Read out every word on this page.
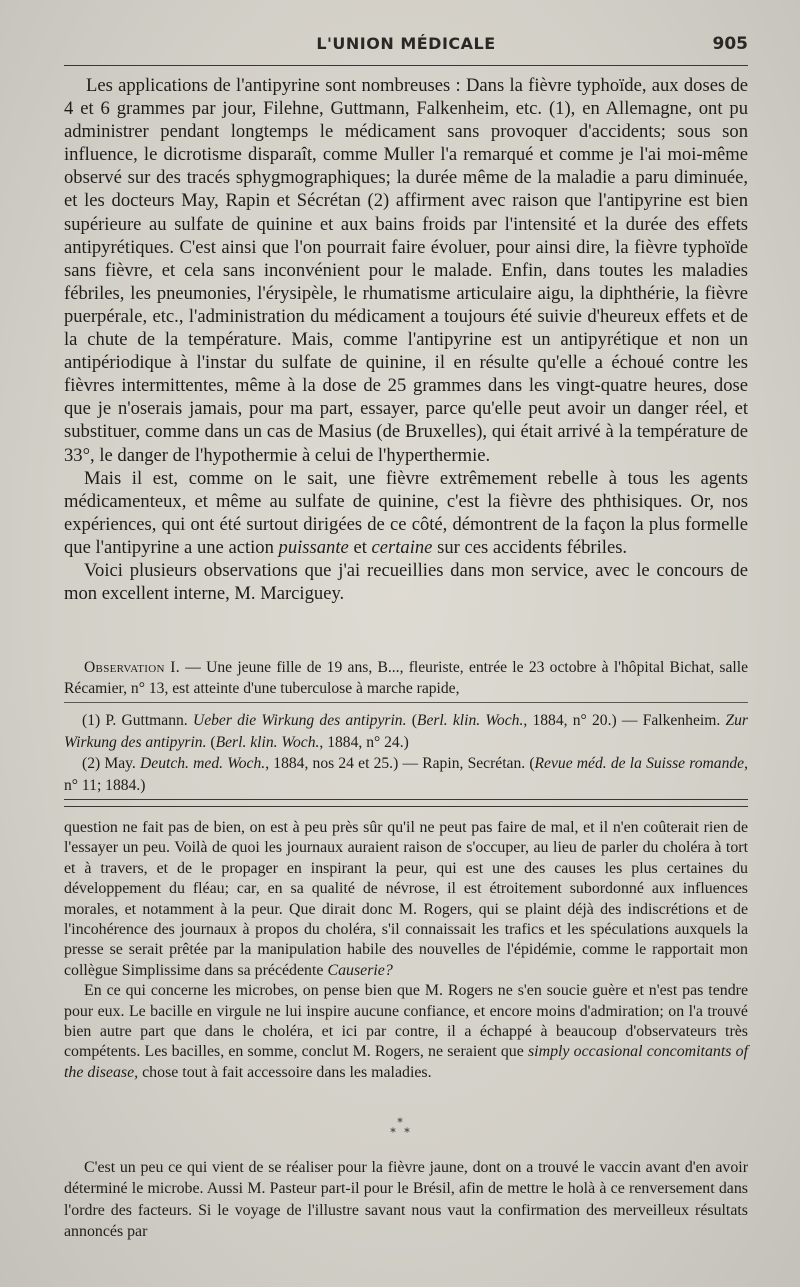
L'UNION MÉDICALE	905

Les applications de l'antipyrine sont nombreuses : Dans la fièvre typhoïde, aux doses de 4 et 6 grammes par jour, Filehne, Guttmann, Falkenheim, etc. (1), en Allemagne, ont pu administrer pendant longtemps le médicament sans provoquer d'accidents; sous son influence, le dicrotisme disparaît, comme Muller l'a remarqué et comme je l'ai moi-même observé sur des tracés sphygmographiques; la durée même de la maladie a paru diminuée, et les docteurs May, Rapin et Sécrétan (2) affirment avec raison que l'antipyrine est bien supérieure au sulfate de quinine et aux bains froids par l'intensité et la durée des effets antipyrétiques. C'est ainsi que l'on pourrait faire évoluer, pour ainsi dire, la fièvre typhoïde sans fièvre, et cela sans inconvénient pour le malade. Enfin, dans toutes les maladies fébriles, les pneumonies, l'érysipèle, le rhumatisme articulaire aigu, la diphthérie, la fièvre puerpérale, etc., l'administration du médicament a toujours été suivie d'heureux effets et de la chute de la température. Mais, comme l'antipyrine est un antipyrétique et non un antipériodique à l'instar du sulfate de quinine, il en résulte qu'elle a échoué contre les fièvres intermittentes, même à la dose de 25 grammes dans les vingt-quatre heures, dose que je n'oserais jamais, pour ma part, essayer, parce qu'elle peut avoir un danger réel, et substituer, comme dans un cas de Masius (de Bruxelles), qui était arrivé à la température de 33°, le danger de l'hypothermie à celui de l'hyperthermie.

Mais il est, comme on le sait, une fièvre extrêmement rebelle à tous les agents médicamenteux, et même au sulfate de quinine, c'est la fièvre des phthisiques. Or, nos expériences, qui ont été surtout dirigées de ce côté, démontrent de la façon la plus formelle que l'antipyrine a une action puissante et certaine sur ces accidents fébriles.

Voici plusieurs observations que j'ai recueillies dans mon service, avec le concours de mon excellent interne, M. Marciguey.

Observation I. — Une jeune fille de 19 ans, B..., fleuriste, entrée le 23 octobre à l'hôpital Bichat, salle Récamier, n° 13, est atteinte d'une tuberculose à marche rapide,

(1) P. Guttmann. Ueber die Wirkung des antipyrin. (Berl. klin. Woch., 1884, n° 20.) — Falkenheim. Zur Wirkung des antipyrin. (Berl. klin. Woch., 1884, n° 24.)

(2) May. Deutch. med. Woch., 1884, nos 24 et 25.) — Rapin, Secrétan. (Revue méd. de la Suisse romande, n° 11; 1884.)

question ne fait pas de bien, on est à peu près sûr qu'il ne peut pas faire de mal, et il n'en coûterait rien de l'essayer un peu. Voilà de quoi les journaux auraient raison de s'occuper, au lieu de parler du choléra à tort et à travers, et de le propager en inspirant la peur, qui est une des causes les plus certaines du développement du fléau; car, en sa qualité de névrose, il est étroitement subordonné aux influences morales, et notamment à la peur. Que dirait donc M. Rogers, qui se plaint déjà des indiscrétions et de l'incohérence des journaux à propos du choléra, s'il connaissait les trafics et les spéculations auxquels la presse se serait prêtée par la manipulation habile des nouvelles de l'épidémie, comme le rapportait mon collègue Simplissime dans sa précédente Causerie?

En ce qui concerne les microbes, on pense bien que M. Rogers ne s'en soucie guère et n'est pas tendre pour eux. Le bacille en virgule ne lui inspire aucune confiance, et encore moins d'admiration; on l'a trouvé bien autre part que dans le choléra, et ici par contre, il a échappé à beaucoup d'observateurs très compétents. Les bacilles, en somme, conclut M. Rogers, ne seraient que simply occasional concomitants of the disease, chose tout à fait accessoire dans les maladies.

*
* *

C'est un peu ce qui vient de se réaliser pour la fièvre jaune, dont on a trouvé le vaccin avant d'en avoir déterminé le microbe. Aussi M. Pasteur part-il pour le Brésil, afin de mettre le holà à ce renversement dans l'ordre des facteurs. Si le voyage de l'illustre savant nous vaut la confirmation des merveilleux résultats annoncés par
